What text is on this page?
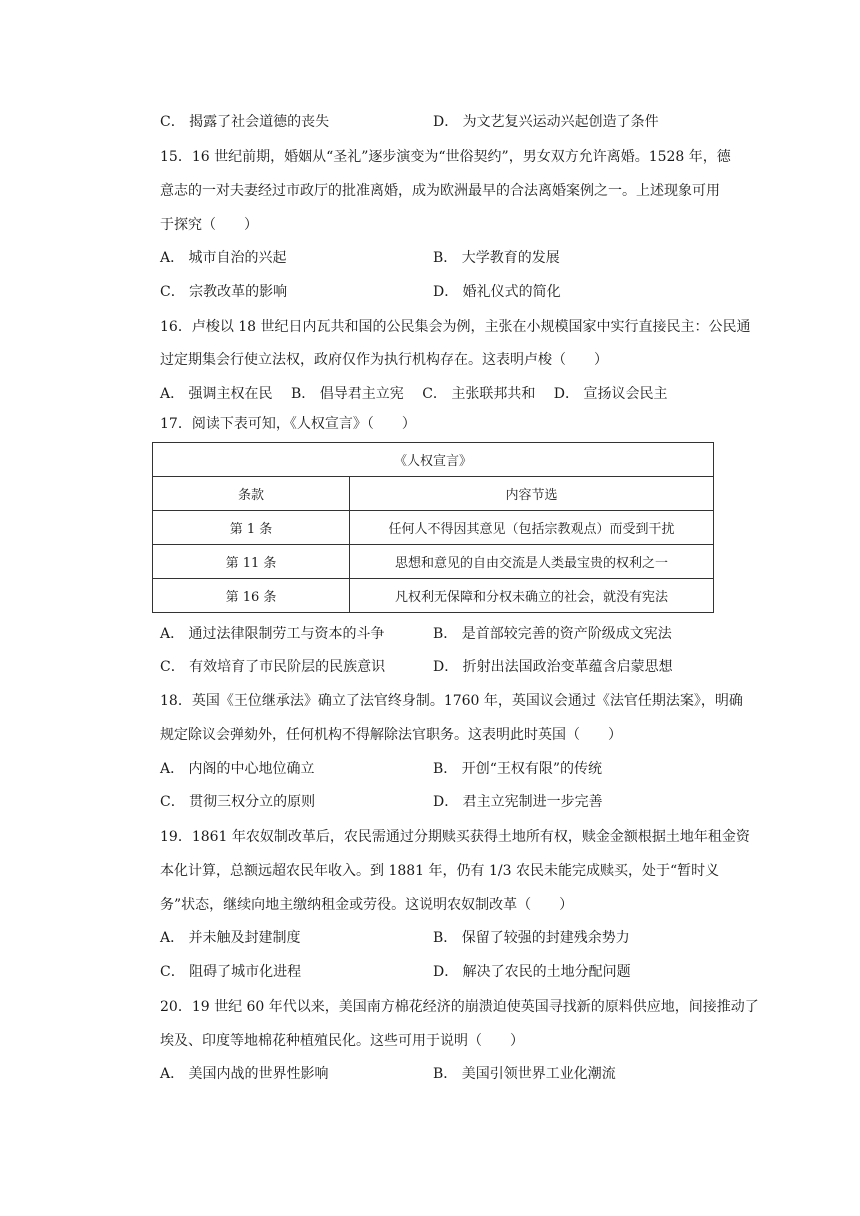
C． 揭露了社会道德的丧失	D． 为文艺复兴运动兴起创造了条件
15．16 世纪前期，婚姻从“圣礼”逐步演变为“世俗契约”，男女双方允许离婚。1528 年，德
意志的一对夫妻经过市政厅的批准离婚，成为欧洲最早的合法离婚案例之一。上述现象可用
于探究（　　）
A． 城市自治的兴起	B． 大学教育的发展
C． 宗教改革的影响	D． 婚礼仪式的简化
16．卢梭以 18 世纪日内瓦共和国的公民集会为例，主张在小规模国家中实行直接民主：公民通
过定期集会行使立法权，政府仅作为执行机构存在。这表明卢梭（　　）
A． 强调主权在民　 B． 倡导君主立宪　 C． 主张联邦共和　 D． 宣扬议会民主
17．阅读下表可知，《人权宣言》（　　）
《人权宣言》	
条款	内容节选
第 1 条	任何人不得因其意见（包括宗教观点）而受到干扰
第 11 条	思想和意见的自由交流是人类最宝贵的权利之一
第 16 条	凡权利无保障和分权未确立的社会，就没有宪法
A． 通过法律限制劳工与资本的斗争	B． 是首部较完善的资产阶级成文宪法
C． 有效培育了市民阶层的民族意识	D． 折射出法国政治变革蕴含启蒙思想
18．英国《王位继承法》确立了法官终身制。1760 年，英国议会通过《法官任期法案》，明确
规定除议会弹劾外，任何机构不得解除法官职务。这表明此时英国（　　）
A． 内阁的中心地位确立	B． 开创“王权有限”的传统
C． 贯彻三权分立的原则	D． 君主立宪制进一步完善
19．1861 年农奴制改革后，农民需通过分期赎买获得土地所有权，赎金金额根据土地年租金资
本化计算，总额远超农民年收入。到 1881 年，仍有 1/3 农民未能完成赎买，处于“暂时义
务”状态，继续向地主缴纳租金或劳役。这说明农奴制改革（　　）
A． 并未触及封建制度	B． 保留了较强的封建残余势力
C． 阻碍了城市化进程	D． 解决了农民的土地分配问题
20．19 世纪 60 年代以来，美国南方棉花经济的崩溃迫使英国寻找新的原料供应地，间接推动了
埃及、印度等地棉花种植殖民化。这些可用于说明（　　）
A． 美国内战的世界性影响	B． 美国引领世界工业化潮流
